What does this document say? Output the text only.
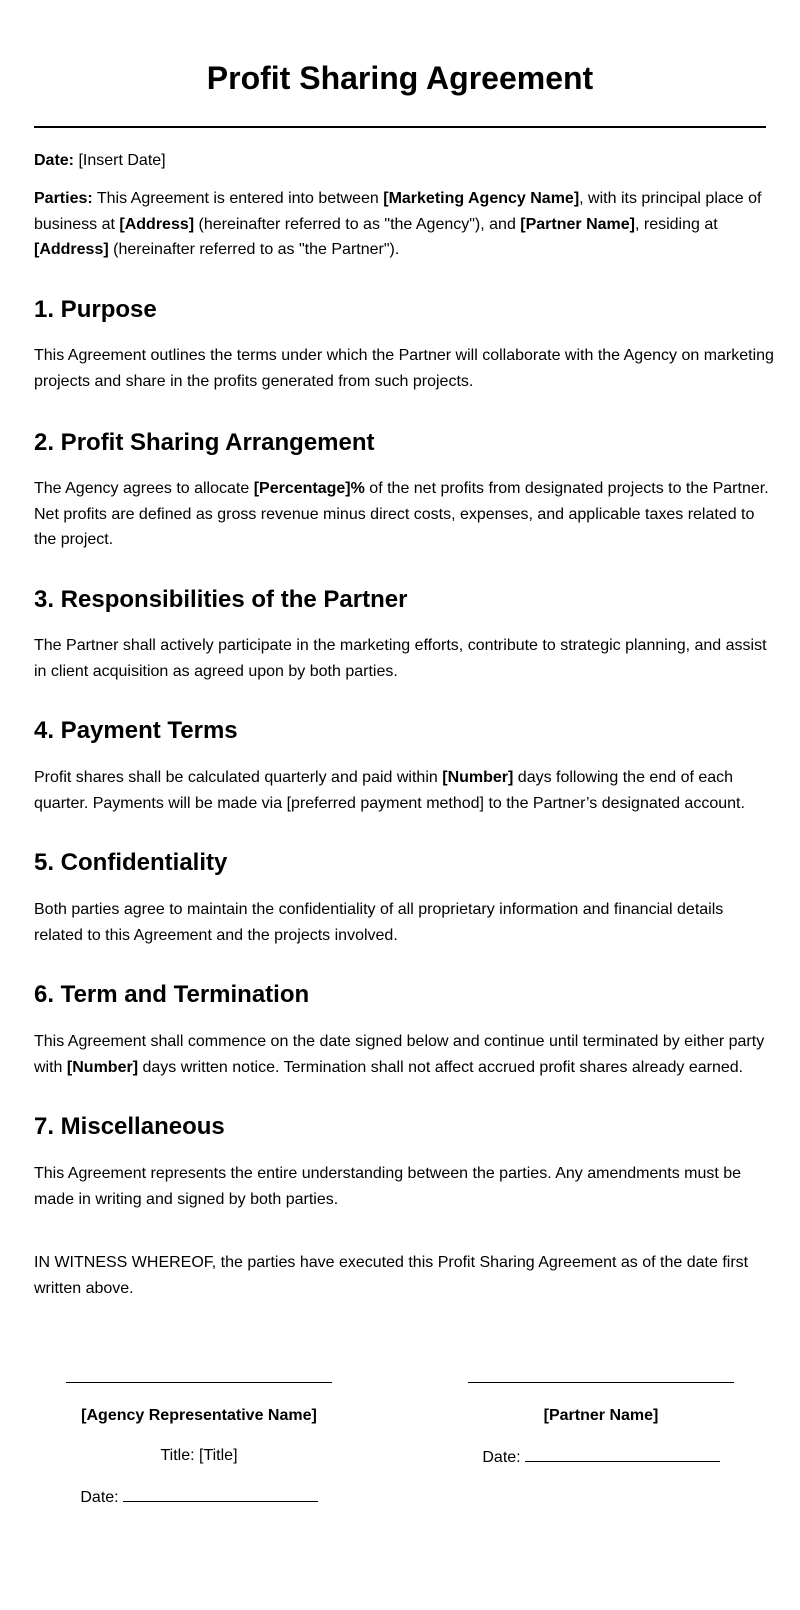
Profit Sharing Agreement
Date: [Insert Date]
Parties: This Agreement is entered into between [Marketing Agency Name], with its principal place of business at [Address] (hereinafter referred to as "the Agency"), and [Partner Name], residing at [Address] (hereinafter referred to as "the Partner").
1. Purpose
This Agreement outlines the terms under which the Partner will collaborate with the Agency on marketing projects and share in the profits generated from such projects.
2. Profit Sharing Arrangement
The Agency agrees to allocate [Percentage]% of the net profits from designated projects to the Partner. Net profits are defined as gross revenue minus direct costs, expenses, and applicable taxes related to the project.
3. Responsibilities of the Partner
The Partner shall actively participate in the marketing efforts, contribute to strategic planning, and assist in client acquisition as agreed upon by both parties.
4. Payment Terms
Profit shares shall be calculated quarterly and paid within [Number] days following the end of each quarter. Payments will be made via [preferred payment method] to the Partner’s designated account.
5. Confidentiality
Both parties agree to maintain the confidentiality of all proprietary information and financial details related to this Agreement and the projects involved.
6. Term and Termination
This Agreement shall commence on the date signed below and continue until terminated by either party with [Number] days written notice. Termination shall not affect accrued profit shares already earned.
7. Miscellaneous
This Agreement represents the entire understanding between the parties. Any amendments must be made in writing and signed by both parties.
IN WITNESS WHEREOF, the parties have executed this Profit Sharing Agreement as of the date first written above.
[Agency Representative Name]
Title: [Title]
Date:
[Partner Name]
Date:
